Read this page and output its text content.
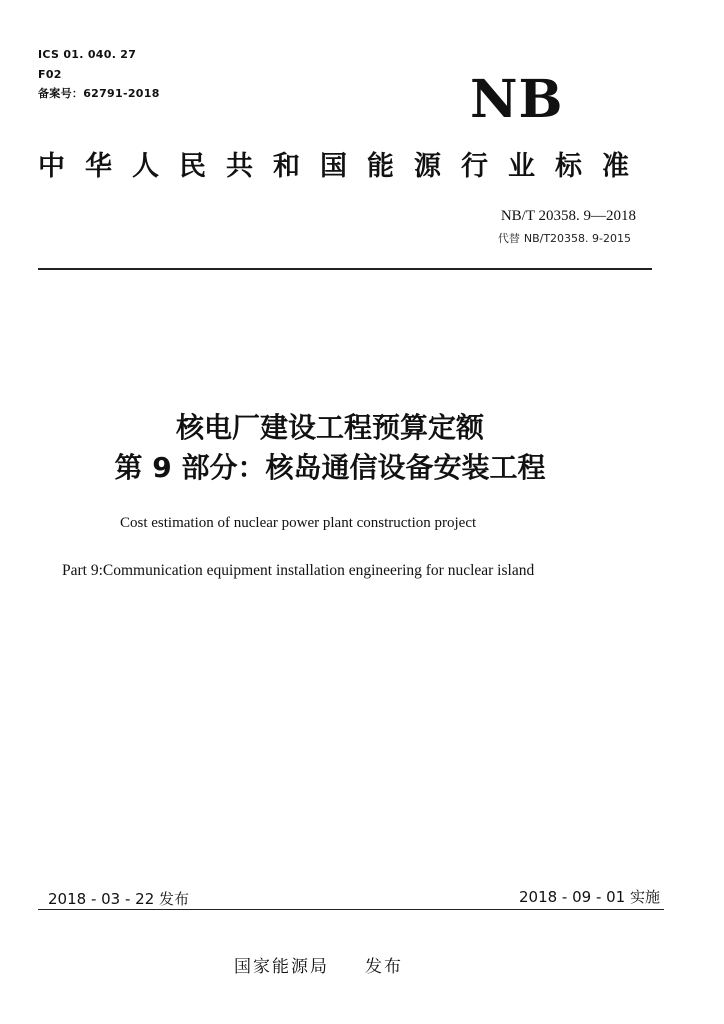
ICS 01. 040. 27
F02
备案号：62791-2018	NB
中华人民共和国能源行业标准
NB/T 20358. 9—2018
代替 NB/T20358. 9-2015
核电厂建设工程预算定额
第 9 部分：核岛通信设备安装工程
Cost estimation of nuclear power plant construction project
Part 9:Communication equipment installation engineering for nuclear island
2018 - 03 - 22 发布	2018 - 09 - 01 实施
国家能源局 发布
